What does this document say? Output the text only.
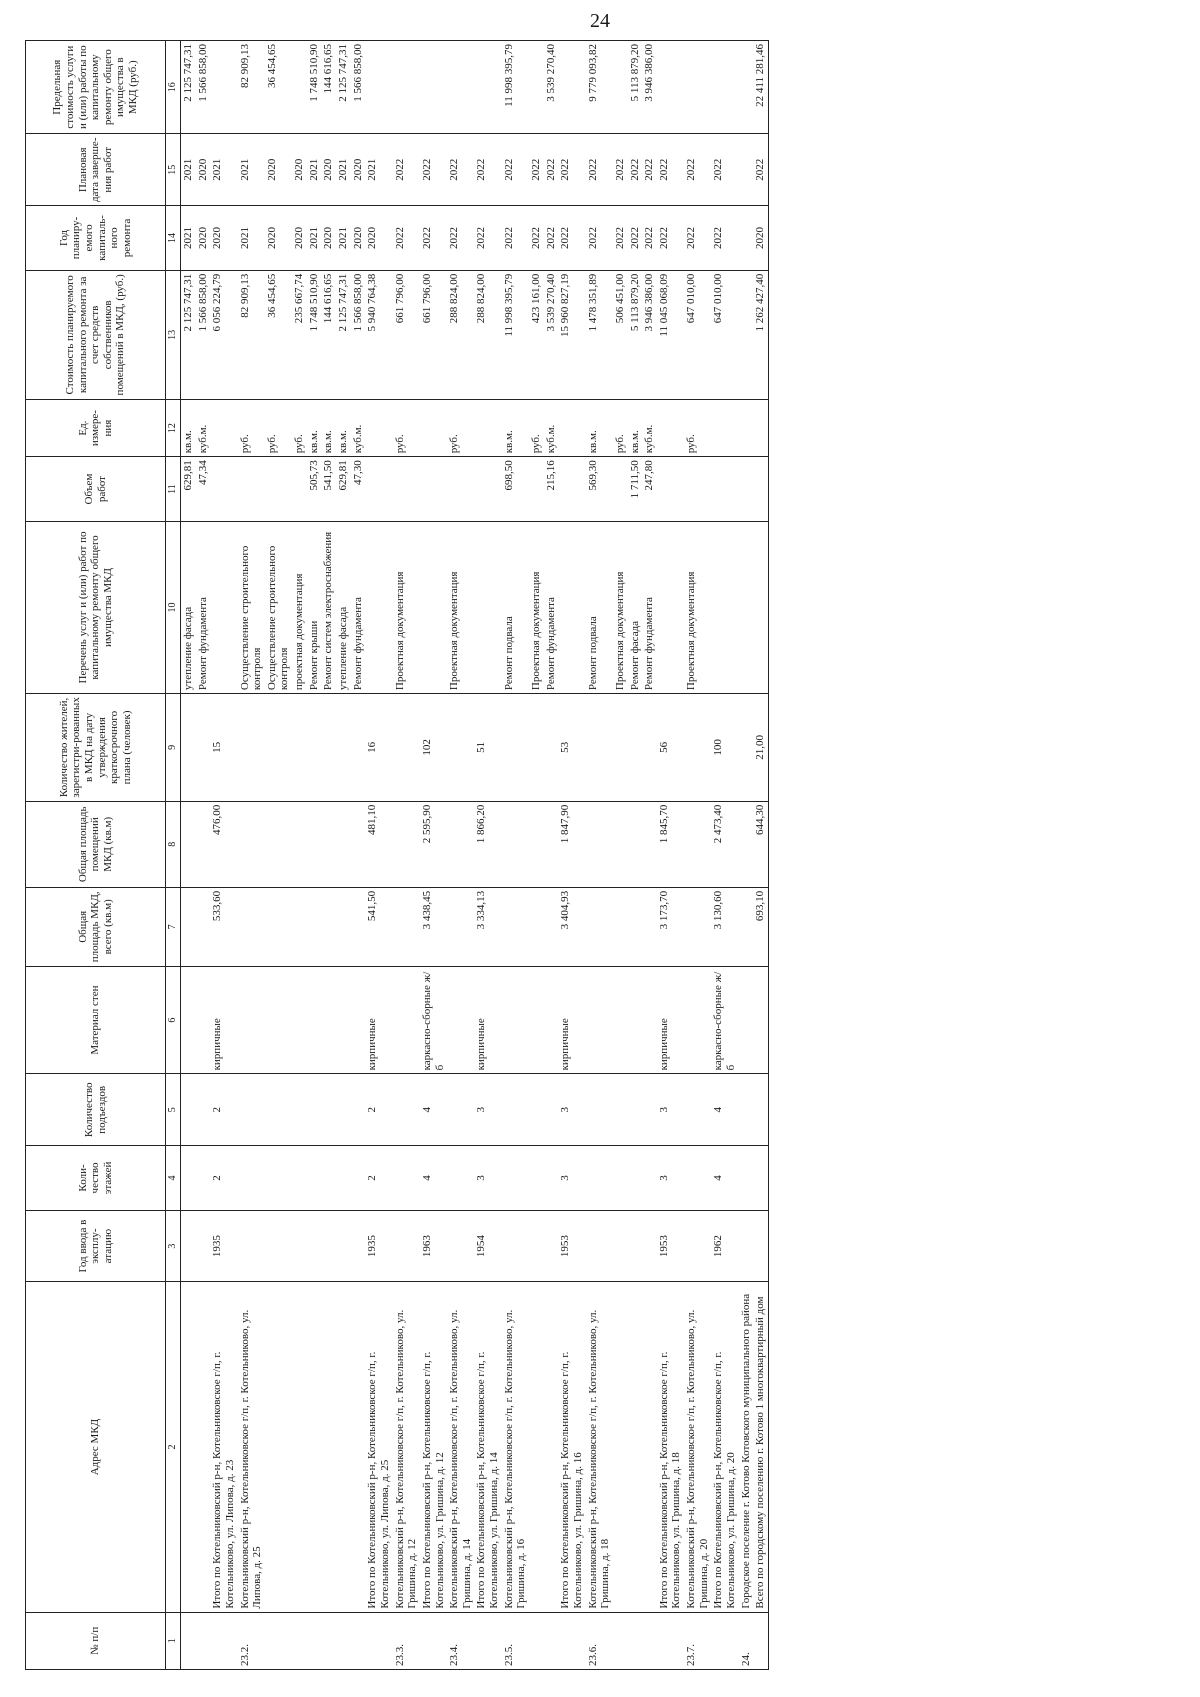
24
№ п/п	Адрес МКД	Год ввода в эксплу-атацию	Коли-чество этажей	Количество подъездов	Материал стен	Общая площадь МКД, всего (кв.м)	Общая площадь помещений МКД (кв.м)	Количество жителей, зарегистри-рованных в МКД на дату утверждения краткосрочного плана (человек)	Перечень услуг и (или) работ по капитальному ремонту общего имущества МКД	Объем работ	Ед. измере-ния	Стоимость планируемого капитального ремонта за счет средств собственников помещений в МКД, (руб.)	Год планиру-емого капиталь-ного ремонта	Плановая дата заверше-ния работ	Предельная стоимость услуги и (или) работы по капитальному ремонту общего имущества в МКД (руб.)
1	2	3	4	5	6	7	8	9	10	11	12	13	14	15	16
									утепление фасада	629,81	кв.м.	2 125 747,31	2021	2021	2 125 747,31
									Ремонт фундамента	47,34	куб.м.	1 566 858,00	2020	2020	1 566 858,00
	Итого по Котельниковский р-н, Котельниковское г/п, г. Котельниково, ул. Липова, д. 23	1935	2	2	кирпичные	533,60	476,00	15				6 056 224,79	2020	2021	
23.2.	Котельниковский р-н, Котельниковское г/п, г. Котельниково, ул. Липова, д. 25								Осуществление строительного контроля		руб.	82 909,13	2021	2021	82 909,13
									Осуществление строительного контроля		руб.	36 454,65	2020	2020	36 454,65
									проектная документация		руб.	235 667,74	2020	2020	
									Ремонт крыши	505,73	кв.м.	1 748 510,90	2021	2021	1 748 510,90
									Ремонт систем электроснабжения	541,50	кв.м.	144 616,65	2020	2020	144 616,65
									утепление фасада	629,81	кв.м.	2 125 747,31	2021	2021	2 125 747,31
									Ремонт фундамента	47,30	куб.м.	1 566 858,00	2020	2020	1 566 858,00
	Итого по Котельниковский р-н, Котельниковское г/п, г. Котельниково, ул. Липова, д. 25	1935	2	2	кирпичные	541,50	481,10	16				5 940 764,38	2020	2021	
23.3.	Котельниковский р-н, Котельниковское г/п, г. Котельниково, ул. Гришина, д. 12								Проектная документация		руб.	661 796,00	2022	2022	
	Итого по Котельниковский р-н, Котельниковское г/п, г. Котельниково, ул. Гришина, д. 12	1963	4	4	каркасно-сборные ж/б	3 438,45	2 595,90	102				661 796,00	2022	2022	
23.4.	Котельниковский р-н, Котельниковское г/п, г. Котельниково, ул. Гришина, д. 14								Проектная документация		руб.	288 824,00	2022	2022	
	Итого по Котельниковский р-н, Котельниковское г/п, г. Котельниково, ул. Гришина, д. 14	1954	3	3	кирпичные	3 334,13	1 866,20	51				288 824,00	2022	2022	
23.5.	Котельниковский р-н, Котельниковское г/п, г. Котельниково, ул. Гришина, д. 16								Ремонт подвала	698,50	кв.м.	11 998 395,79	2022	2022	11 998 395,79
									Проектная документация		руб.	423 161,00	2022	2022	
									Ремонт фундамента	215,16	куб.м.	3 539 270,40	2022	2022	3 539 270,40
	Итого по Котельниковский р-н, Котельниковское г/п, г. Котельниково, ул. Гришина, д. 16	1953	3	3	кирпичные	3 404,93	1 847,90	53				15 960 827,19	2022	2022	
23.6.	Котельниковский р-н, Котельниковское г/п, г. Котельниково, ул. Гришина, д. 18								Ремонт подвала	569,30	кв.м.	1 478 351,89	2022	2022	9 779 093,82
									Проектная документация		руб.	506 451,00	2022	2022	
									Ремонт фасада	1 711,50	кв.м.	5 113 879,20	2022	2022	5 113 879,20
									Ремонт фундамента	247,80	куб.м.	3 946 386,00	2022	2022	3 946 386,00
	Итого по Котельниковский р-н, Котельниковское г/п, г. Котельниково, ул. Гришина, д. 18	1953	3	3	кирпичные	3 173,70	1 845,70	56				11 045 068,09	2022	2022	
23.7.	Котельниковский р-н, Котельниковское г/п, г. Котельниково, ул. Гришина, д. 20								Проектная документация		руб.	647 010,00	2022	2022	
	Итого по Котельниковский р-н, Котельниковское г/п, г. Котельниково, ул. Гришина, д. 20	1962	4	4	каркасно-сборные ж/б	3 130,60	2 473,40	100				647 010,00	2022	2022	
24.	Городское поселение г. Котово Котовского муниципального района														
	Всего по городскому поселению г. Котово 1 многоквартирный дом					693,10	644,30	21,00				1 262 427,40	2020	2022	22 411 281,46
